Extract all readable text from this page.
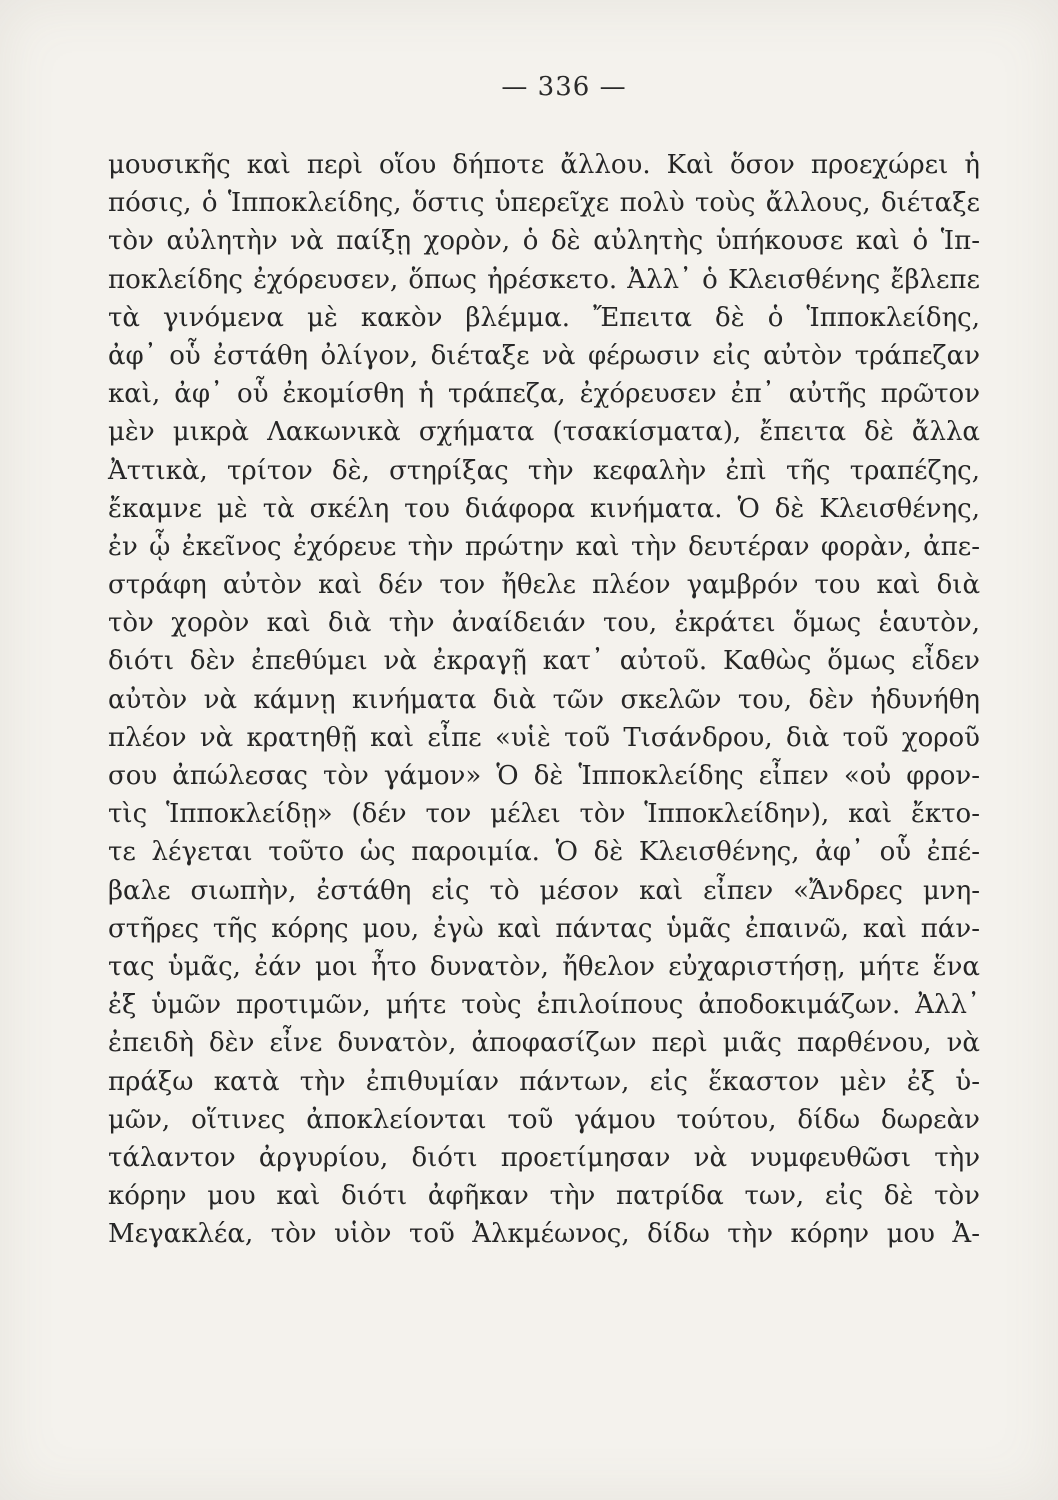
— 336 —
μουσικῆς καὶ περὶ οἵου δήποτε ἄλλου. Καὶ ὅσον προεχώρει ἡ
πόσις, ὁ Ἱπποκλείδης, ὅστις ὑπερεῖχε πολὺ τοὺς ἄλλους, διέταξε
τὸν αὐλητὴν νὰ παίξῃ χορὸν, ὁ δὲ αὐλητὴς ὑπήκουσε καὶ ὁ Ἱπ-
ποκλείδης ἐχόρευσεν, ὅπως ἠρέσκετο. Ἀλλ᾽ ὁ Κλεισθένης ἔβλεπε
τὰ γινόμενα μὲ κακὸν βλέμμα. Ἔπειτα δὲ ὁ Ἱπποκλείδης,
ἀφ᾽ οὗ ἐστάθη ὀλίγον, διέταξε νὰ φέρωσιν εἰς αὐτὸν τράπεζαν
καὶ, ἀφ᾽ οὗ ἐκομίσθη ἡ τράπεζα, ἐχόρευσεν ἐπ᾽ αὐτῆς πρῶτον
μὲν μικρὰ Λακωνικὰ σχήματα (τσακίσματα), ἔπειτα δὲ ἄλλα
Ἀττικὰ, τρίτον δὲ, στηρίξας τὴν κεφαλὴν ἐπὶ τῆς τραπέζης,
ἔκαμνε μὲ τὰ σκέλη του διάφορα κινήματα. Ὁ δὲ Κλεισθένης,
ἐν ᾧ ἐκεῖνος ἐχόρευε τὴν πρώτην καὶ τὴν δευτέραν φορὰν, ἀπε-
στράφη αὐτὸν καὶ δέν τον ἤθελε πλέον γαμβρόν του καὶ διὰ
τὸν χορὸν καὶ διὰ τὴν ἀναίδειάν του, ἐκράτει ὅμως ἑαυτὸν,
διότι δὲν ἐπεθύμει νὰ ἐκραγῇ κατ᾽ αὐτοῦ. Καθὼς ὅμως εἶδεν
αὐτὸν νὰ κάμνῃ κινήματα διὰ τῶν σκελῶν του, δὲν ἠδυνήθη
πλέον νὰ κρατηθῇ καὶ εἶπε «υἱὲ τοῦ Τισάνδρου, διὰ τοῦ χοροῦ
σου ἀπώλεσας τὸν γάμον» Ὁ δὲ Ἱπποκλείδης εἶπεν «οὐ φρον-
τὶς Ἱπποκλείδῃ» (δέν τον μέλει τὸν Ἱπποκλείδην), καὶ ἔκτο-
τε λέγεται τοῦτο ὡς παροιμία. Ὁ δὲ Κλεισθένης, ἀφ᾽ οὗ ἐπέ-
βαλε σιωπὴν, ἐστάθη εἰς τὸ μέσον καὶ εἶπεν «Ἄνδρες μνη-
στῆρες τῆς κόρης μου, ἐγὼ καὶ πάντας ὑμᾶς ἐπαινῶ, καὶ πάν-
τας ὑμᾶς, ἐάν μοι ἦτο δυνατὸν, ἤθελον εὐχαριστήσῃ, μήτε ἕνα
ἐξ ὑμῶν προτιμῶν, μήτε τοὺς ἐπιλοίπους ἀποδοκιμάζων. Ἀλλ᾽
ἐπειδὴ δὲν εἶνε δυνατὸν, ἀποφασίζων περὶ μιᾶς παρθένου, νὰ
πράξω κατὰ τὴν ἐπιθυμίαν πάντων, εἰς ἕκαστον μὲν ἐξ ὑ-
μῶν, οἵτινες ἀποκλείονται τοῦ γάμου τούτου, δίδω δωρεὰν
τάλαντον ἀργυρίου, διότι προετίμησαν νὰ νυμφευθῶσι τὴν
κόρην μου καὶ διότι ἀφῆκαν τὴν πατρίδα των, εἰς δὲ τὸν
Μεγακλέα, τὸν υἱὸν τοῦ Ἀλκμέωνος, δίδω τὴν κόρην μου Ἀ-
